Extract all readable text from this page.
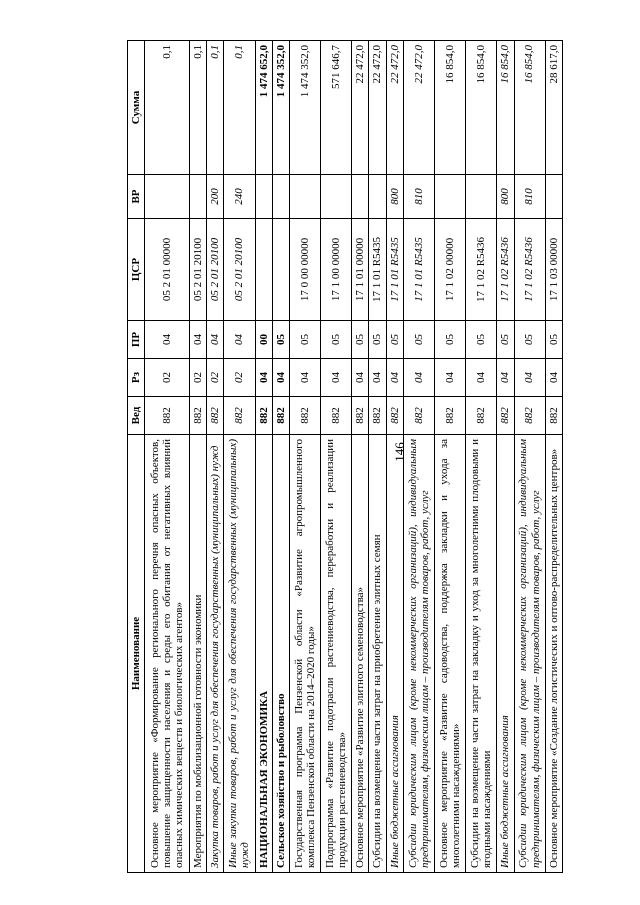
146
Наименование	Вед	Рз	ПР	ЦСР	ВР	Сумма
Основное мероприятие «Формирование регионального перечня опасных объектов, повышение защищенности населения и среды его обитания от негативных влияний опасных химических веществ и биологических агентов»	882	02	04	05 2 01 00000		0,1
Мероприятия по мобилизационной готовности экономики	882	02	04	05 2 01 20100		0,1
Закупка товаров, работ и услуг для обеспечения государственных (муниципальных) нужд	882	02	04	05 2 01 20100	200	0,1
Иные закупки товаров, работ и услуг для обеспечения государственных (муниципальных) нужд	882	02	04	05 2 01 20100	240	0,1
НАЦИОНАЛЬНАЯ ЭКОНОМИКА	882	04	00			1 474 652,0
Сельское хозяйство и рыболовство	882	04	05			1 474 352,0
Государственная программа Пензенской области «Развитие агропромышленного комплекса Пензенской области на 2014–2020 годы»	882	04	05	17 0 00 00000		1 474 352,0
Подпрограмма «Развитие подотрасли растениеводства, переработки и реализации продукции растениеводства»	882	04	05	17 1 00 00000		571 646,7
Основное мероприятие «Развитие элитного семеноводства»	882	04	05	17 1 01 00000		22 472,0
Субсидии на возмещение части затрат на приобретение элитных семян	882	04	05	17 1 01 R5435		22 472,0
Иные бюджетные ассигнования	882	04	05	17 1 01 R5435	800	22 472,0
Субсидии юридическим лицам (кроме некоммерческих организаций), индивидуальным предпринимателям, физическим лицам – производителям товаров, работ, услуг	882	04	05	17 1 01 R5435	810	22 472,0
Основное мероприятие «Развитие садоводства, поддержка закладки и ухода за многолетними насаждениями»	882	04	05	17 1 02 00000		16 854,0
Субсидии на возмещение части затрат на закладку и уход за многолетними плодовыми и ягодными насаждениями	882	04	05	17 1 02 R5436		16 854,0
Иные бюджетные ассигнования	882	04	05	17 1 02 R5436	800	16 854,0
Субсидии юридическим лицам (кроме некоммерческих организаций), индивидуальным предпринимателям, физическим лицам – производителям товаров, работ, услуг	882	04	05	17 1 02 R5436	810	16 854,0
Основное мероприятие «Создание логистических и оптово-распределительных центров»	882	04	05	17 1 03 00000		28 617,0
